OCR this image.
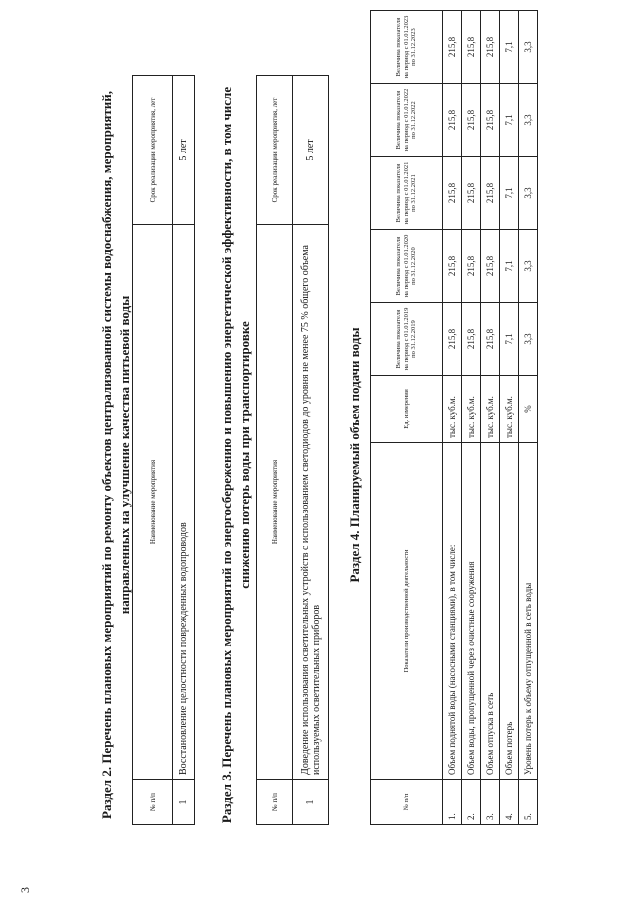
3
Раздел 2. Перечень плановых мероприятий по ремонту объектов централизованной системы водоснабжения, мероприятий, направленных на улучшение качества питьевой воды
№ п/п	Наименование мероприятия	Срок реализации мероприятия, лет
1	Восстановление целостности поврежденных водопроводов	5 лет Раздел 3. Перечень плановых мероприятий по энергосбережению и повышению энергетической эффективности, в том числе снижению потерь воды при транспортировке
№ п/п	Наименование мероприятия	Срок реализации мероприятия, лет
1	Доведение использования осветительных устройств с использованием светодиодов до уровня не менее 75 % общего объема используемых осветительных приборов	5 лет
Раздел 4. Планируемый объем подачи воды
№ п/п	Показатели производственной деятельности	Ед. измерения	Величина показателя на период с 01.01.2019 по 31.12.2019	Величина показателя на период с 01.01.2020 по 31.12.2020	Величина показателя на период с 01.01.2021 по 31.12.2021	Величина показателя на период с 01.01.2022 по 31.12.2022	Величина показателя на период с 01.01.2023 по 31.12.2023
1.	Объем поднятой воды (насосными станциями), в том числе:	тыс. куб.м.	215,8	215,8	215,8	215,8	215,8
2.	Объем воды, пропущенной через очистные сооружения	тыс. куб.м.	215,8	215,8	215,8	215,8	215,8
3.	Объем отпуска в сеть	тыс. куб.м.	215,8	215,8	215,8	215,8	215,8
4.	Объем потерь	тыс. куб.м.	7,1	7,1	7,1	7,1	7,1
5.	Уровень потерь к объему отпущенной в сеть воды	%	3,3	3,3	3,3	3,3	3,3
